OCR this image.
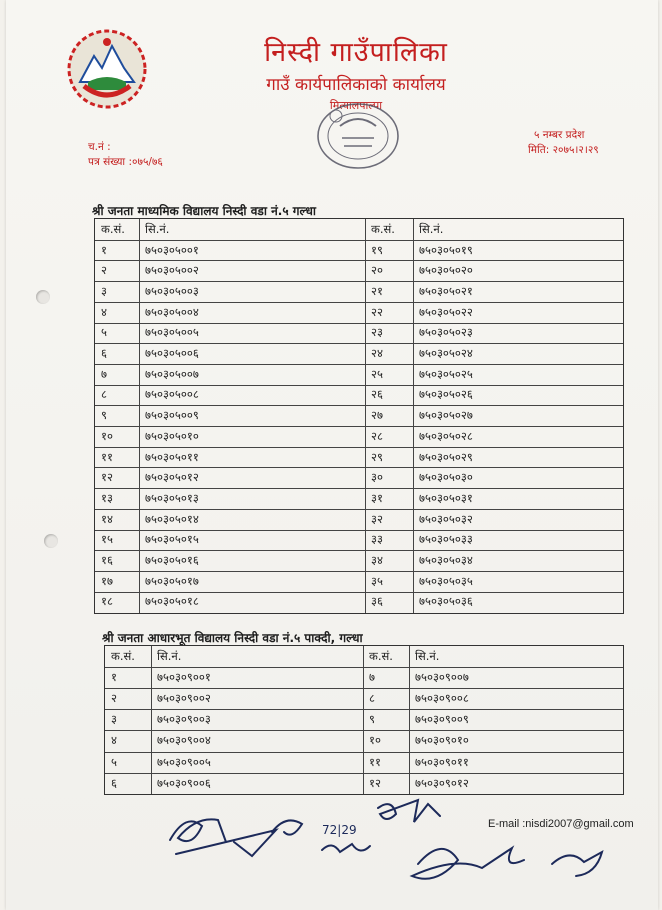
निस्दी गाउँपालिका
गाउँ कार्यपालिकाको कार्यालय
मित्यालपाल्पा
च.नं :
पत्र संख्या :०७५/७६
५ नम्बर प्रदेश
मिति: २०७५।२।२९
श्री जनता माध्यमिक विद्यालय निस्दी वडा नं.५ गल्धा
क.सं.	सि.नं.	क.सं.	सि.नं.
१	७५०३०५००१	१९	७५०३०५०१९
२	७५०३०५००२	२०	७५०३०५०२०
३	७५०३०५००३	२१	७५०३०५०२१
४	७५०३०५००४	२२	७५०३०५०२२
५	७५०३०५००५	२३	७५०३०५०२३
६	७५०३०५००६	२४	७५०३०५०२४
७	७५०३०५००७	२५	७५०३०५०२५
८	७५०३०५००८	२६	७५०३०५०२६
९	७५०३०५००९	२७	७५०३०५०२७
१०	७५०३०५०१०	२८	७५०३०५०२८
११	७५०३०५०११	२९	७५०३०५०२९
१२	७५०३०५०१२	३०	७५०३०५०३०
१३	७५०३०५०१३	३१	७५०३०५०३१
१४	७५०३०५०१४	३२	७५०३०५०३२
१५	७५०३०५०१५	३३	७५०३०५०३३
१६	७५०३०५०१६	३४	७५०३०५०३४
१७	७५०३०५०१७	३५	७५०३०५०३५
१८	७५०३०५०१८	३६	७५०३०५०३६
श्री जनता आधारभूत विद्यालय निस्दी वडा नं.५ पाक्दी, गल्धा
क.सं.	सि.नं.	क.सं.	सि.नं.
१	७५०३०९००१	७	७५०३०९००७
२	७५०३०९००२	८	७५०३०९००८
३	७५०३०९००३	९	७५०३०९००९
४	७५०३०९००४	१०	७५०३०९०१०
५	७५०३०९००५	११	७५०३०९०११
६	७५०३०९००६	१२	७५०३०९०१२
E-mail :nisdi2007@gmail.com
72|29
